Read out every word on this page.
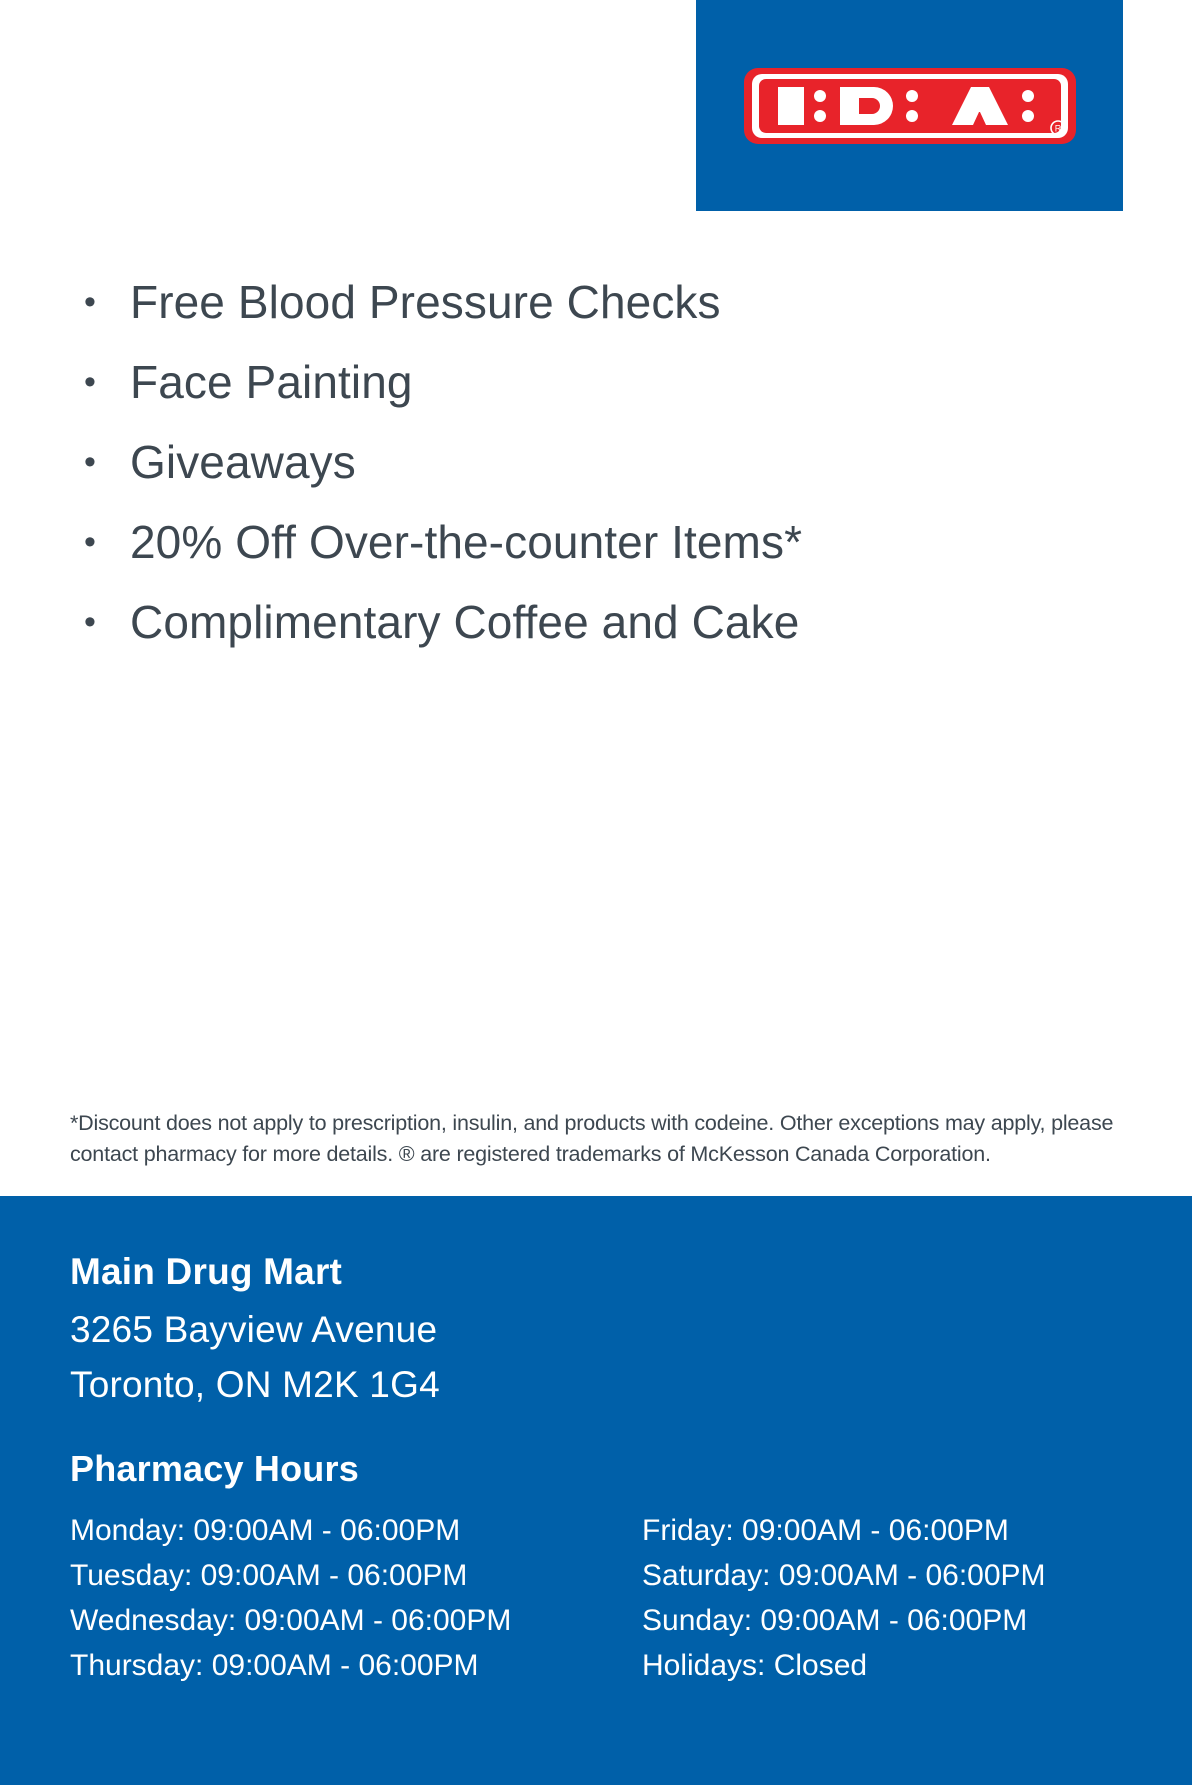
R
• Free Blood Pressure Checks
• Face Painting
• Giveaways
• 20% Off Over-the-counter Items*
• Complimentary Coffee and Cake
*Discount does not apply to prescription, insulin, and products with codeine. Other exceptions may apply, please contact pharmacy for more details. ® are registered trademarks of McKesson Canada Corporation.
Main Drug Mart
3265 Bayview Avenue
Toronto, ON M2K 1G4
Pharmacy Hours
Monday: 09:00AM - 06:00PM
Tuesday: 09:00AM - 06:00PM
Wednesday: 09:00AM - 06:00PM
Thursday: 09:00AM - 06:00PM
Friday: 09:00AM - 06:00PM
Saturday: 09:00AM - 06:00PM
Sunday: 09:00AM - 06:00PM
Holidays: Closed
